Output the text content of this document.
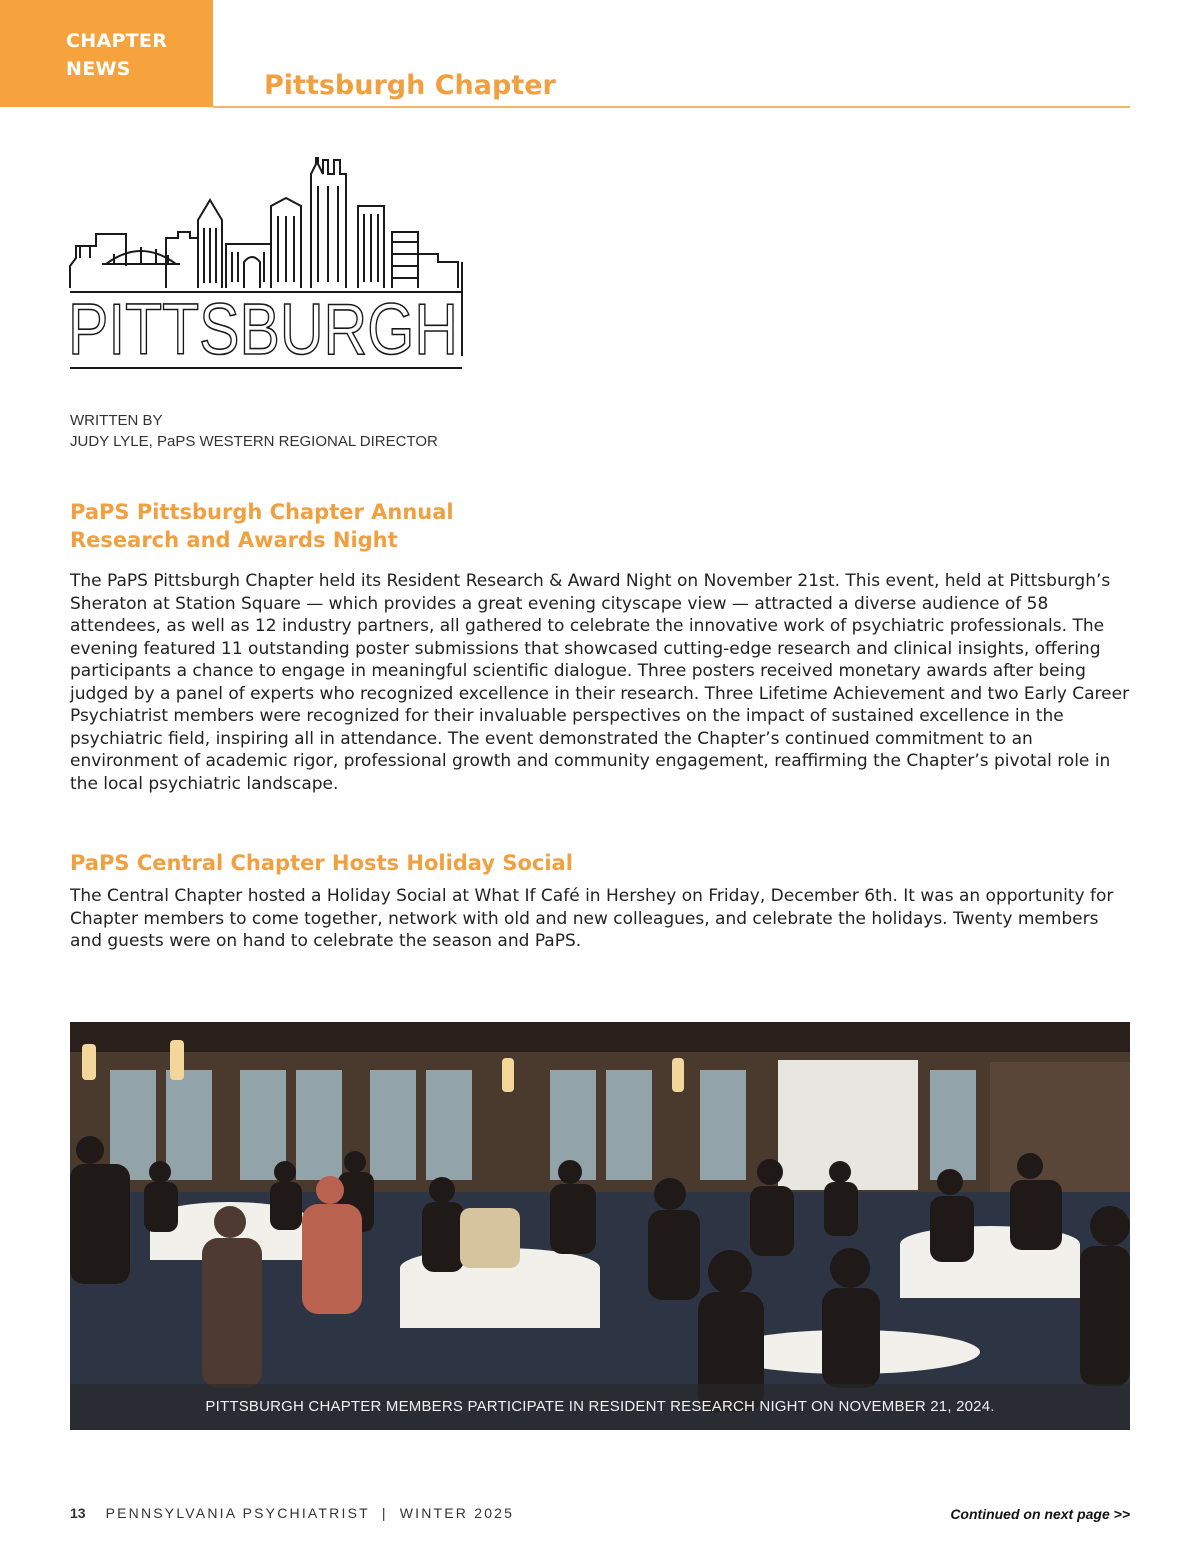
CHAPTER
NEWS
Pittsburgh Chapter
PITTSBURGH
WRITTEN BY
JUDY LYLE, PaPS WESTERN REGIONAL DIRECTOR
PaPS Pittsburgh Chapter Annual Research and Awards Night

The PaPS Pittsburgh Chapter held its Resident Research & Award Night on November 21st. This event, held at Pittsburgh’s Sheraton at Station Square — which provides a great evening cityscape view — attracted a diverse audience of 58 attendees, as well as 12 industry partners, all gathered to celebrate the innovative work of psychiatric professionals. The evening featured 11 outstanding poster submissions that showcased cutting-edge research and clinical insights, offering participants a chance to engage in meaningful scientific dialogue. Three posters received monetary awards after being judged by a panel of experts who recognized excellence in their research. Three Lifetime Achievement and two Early Career Psychiatrist members were recognized for their invaluable perspectives on the impact of sustained excellence in the psychiatric field, inspiring all in attendance. The event demonstrated the Chapter’s continued commitment to an environment of academic rigor, professional growth and community engagement, reaffirming the Chapter’s pivotal role in the local psychiatric landscape.

PaPS Central Chapter Hosts Holiday Social

The Central Chapter hosted a Holiday Social at What If Café in Hershey on Friday, December 6th. It was an opportunity for Chapter members to come together, network with old and new colleagues, and celebrate the holidays. Twenty members and guests were on hand to celebrate the season and PaPS.

PITTSBURGH CHAPTER MEMBERS PARTICIPATE IN RESIDENT RESEARCH NIGHT ON NOVEMBER 21, 2024.
13 PENNSYLVANIA PSYCHIATRIST | WINTER 2025	Continued on next page >>
